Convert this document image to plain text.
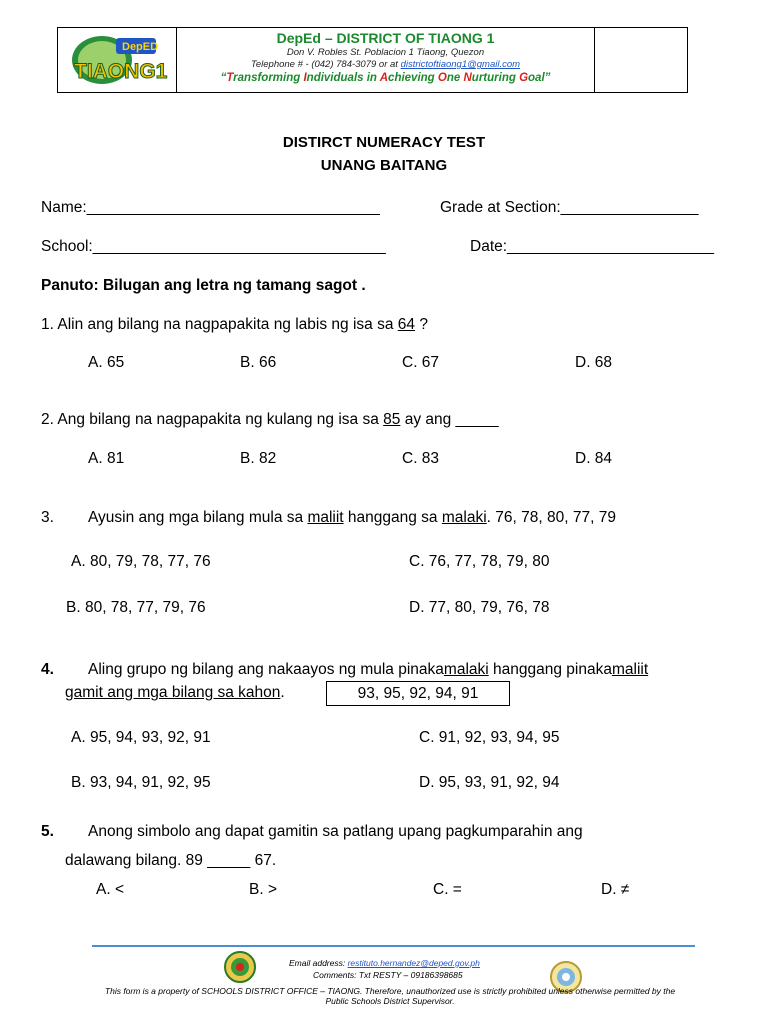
DepED
TIAONG1
DepEd – DISTRICT OF TIAONG 1
Don V. Robles St. Poblacion 1 Tiaong, Quezon
Telephone # - (042) 784-3079 or at districtoftiaong1@gmail.com
“Transforming Individuals in Achieving One Nurturing Goal”
DISTIRCT NUMERACY TEST
UNANG BAITANG
Name:__________________________________	Grade at Section:________________
School:__________________________________	Date:________________________
Panuto: Bilugan ang letra ng tamang sagot .
1. Alin ang bilang na nagpapakita ng labis ng isa sa 64 ?
A. 65	B. 66	C. 67	D. 68
2. Ang bilang na nagpapakita ng kulang ng isa sa 85 ay ang _____
A. 81	B. 82	C. 83	D. 84
3. Ayusin ang mga bilang mula sa maliit hanggang sa malaki. 76, 78, 80, 77, 79
A. 80, 79, 78, 77, 76	C. 76, 77, 78, 79, 80
B. 80, 78, 77, 79, 76	D. 77, 80, 79, 76, 78
4. Aling grupo ng bilang ang nakaayos ng mula pinakamalaki hanggang pinakamaliit
gamit ang mga bilang sa kahon.	93, 95, 92, 94, 91
A. 95, 94, 93, 92, 91	C. 91, 92, 93, 94, 95
B. 93, 94, 91, 92, 95	D. 95, 93, 91, 92, 94
5. Anong simbolo ang dapat gamitin sa patlang upang pagkumparahin ang
dalawang bilang. 89 _____ 67.
A. <	B. >	C. =	D. ≠
Email address: restituto.hernandez@deped.gov.ph
Comments: Txt RESTY – 09186398685
This form is a property of SCHOOLS DISTRICT OFFICE – TIAONG. Therefore, unauthorized use is strictly prohibited unless otherwise permitted by the
Public Schools District Supervisor.
